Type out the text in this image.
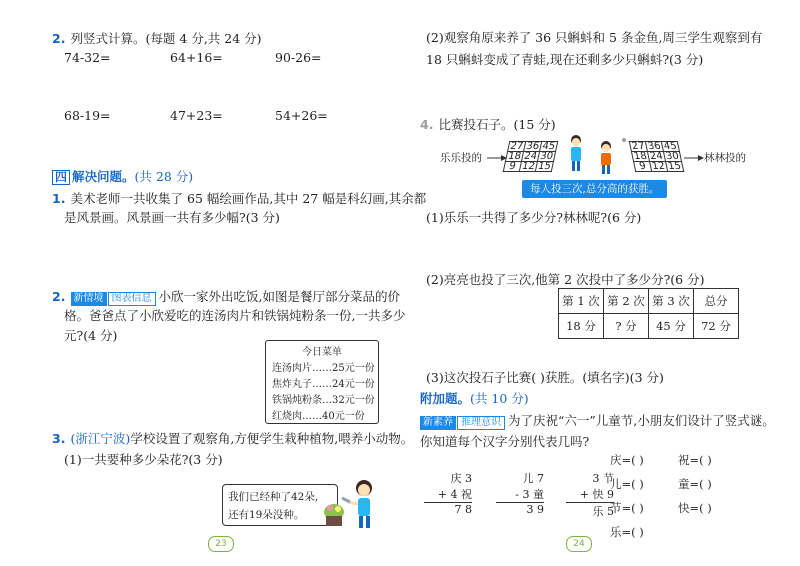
2. 列竖式计算。(每题 4 分,共 24 分)
74-32=	64+16=	90-26=
68-19=	47+23=	54+26=
四 解决问题。(共 28 分)
1. 美术老师一共收集了 65 幅绘画作品,其中 27 幅是科幻画,其余都
是风景画。风景画一共有多少幅?(3 分)
2. 新情境 图表信息 小欣一家外出吃饭,如图是餐厅部分菜品的价
格。爸爸点了小欣爱吃的连汤肉片和铁锅炖粉条一份,一共多少
元?(4 分)
今日菜单
连汤肉片……25元一份
焦炸丸子……24元一份
铁锅炖粉条…32元一份
红烧肉……40元一份
3. (浙江宁波)学校设置了观察角,方便学生栽种植物,喂养小动物。
(1)一共要种多少朵花?(3 分)
我们已经种了42朵,
还有19朵没种。
23
(2)观察角原来养了 36 只蝌蚪和 5 条金鱼,周三学生观察到有
18 只蝌蚪变成了青蛙,现在还剩多少只蝌蚪?(3 分)
4. 比赛投石子。(15 分)
乐乐投的
27	36	45
18	24	30
9	12	15
27	36	45
18	24	30
9	12	15
林林投的
每人投三次,总分高的获胜。
(1)乐乐一共得了多少分?林林呢?(6 分)
(2)亮亮也投了三次,他第 2 次投中了多少分?(6 分)
第 1 次	第 2 次	第 3 次	总分
18 分	? 分	45 分	72 分
(3)这次投石子比赛( )获胜。(填名字)(3 分)
附加题。(共 10 分)
新素养 推理意识 为了庆祝“六一”儿童节,小朋友们设计了竖式谜。
你知道每个汉字分别代表几吗?
庆 3
+ 4 祝
7 8
儿 7
- 3 童
3 9
3 节
+ 快 9
乐 5
庆=( )	祝=( )
儿=( )	童=( )
节=( )	快=( )
乐=( )
24
